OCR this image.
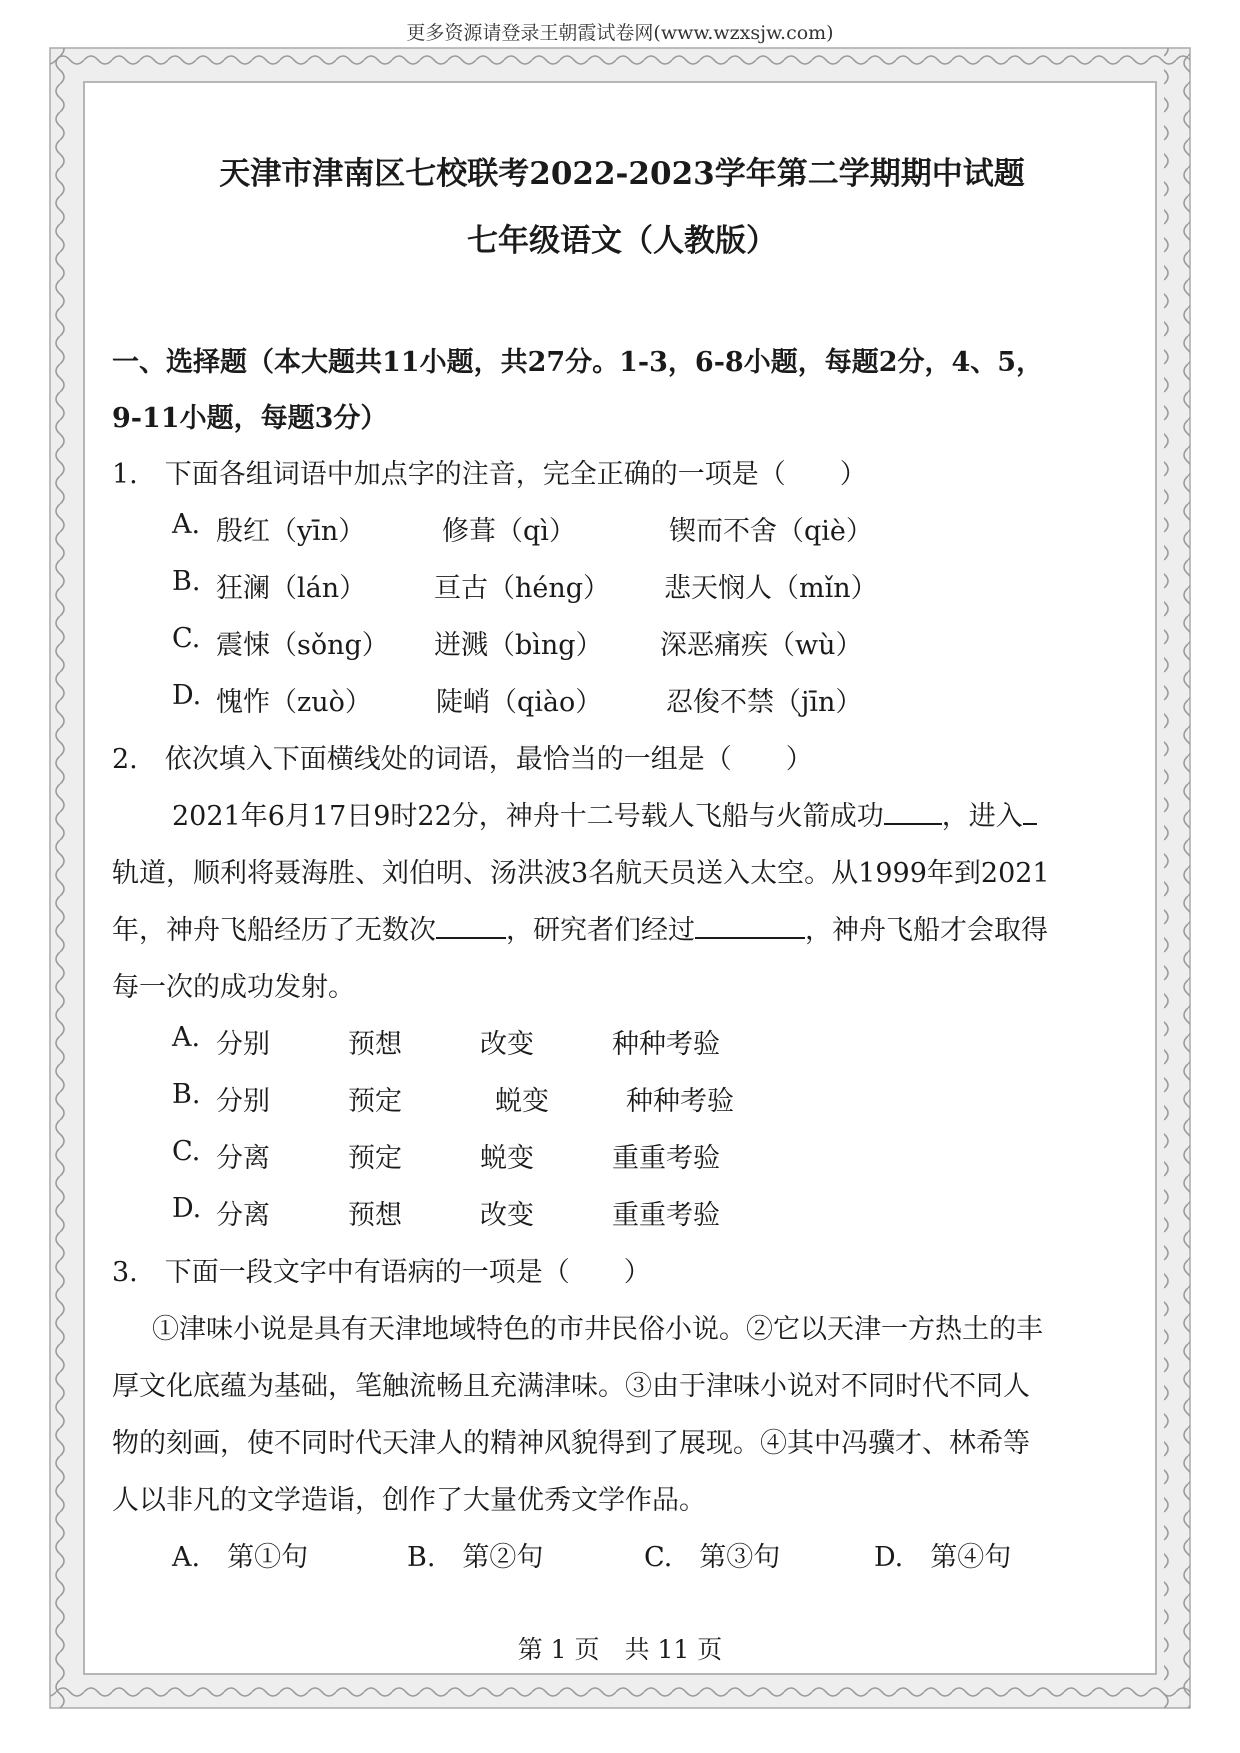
更多资源请登录王朝霞试卷网(www.wzxsjw.com)
天津市津南区七校联考2022-2023学年第二学期期中试题
七年级语文（人教版）
一、选择题（本大题共11小题，共27分。1-3，6-8小题，每题2分，4、5，
9-11小题，每题3分）
1.　下面各组词语中加点字的注音，完全正确的一项是（　　）
A. 殷红（yīn）	修葺（qì）	锲而不舍（qiè）
B. 狂澜（lán）	亘古（héng） 悲天悯人（mǐn）
C. 震悚（sǒng） 迸溅（bìng） 深恶痛疾（wù）
D. 愧怍（zuò） 陡峭（qiào） 忍俊不禁（jīn）
2.　依次填入下面横线处的词语，最恰当的一组是（　　）
2021年6月17日9时22分，神舟十二号载人飞船与火箭成功 ，进入
轨道，顺利将聂海胜、刘伯明、汤洪波3名航天员送入太空。从1999年到2021
年，神舟飞船经历了无数次	，研究者们经过	，神舟飞船才会取得
每一次的成功发射。
A. 分别	预想	改变	种种考验
B. 分别	预定	蜕变	种种考验
C. 分离	预定	蜕变	重重考验
D. 分离	预想	改变	重重考验
3.　下面一段文字中有语病的一项是（　　）
①津味小说是具有天津地域特色的市井民俗小说。②它以天津一方热土的丰
厚文化底蕴为基础，笔触流畅且充满津味。③由于津味小说对不同时代不同人
物的刻画，使不同时代天津人的精神风貌得到了展现。④其中冯骥才、林希等
人以非凡的文学造诣，创作了大量优秀文学作品。
A.　第①句	B.　第②句	C.　第③句	D.　第④句
第 1 页　共 11 页
